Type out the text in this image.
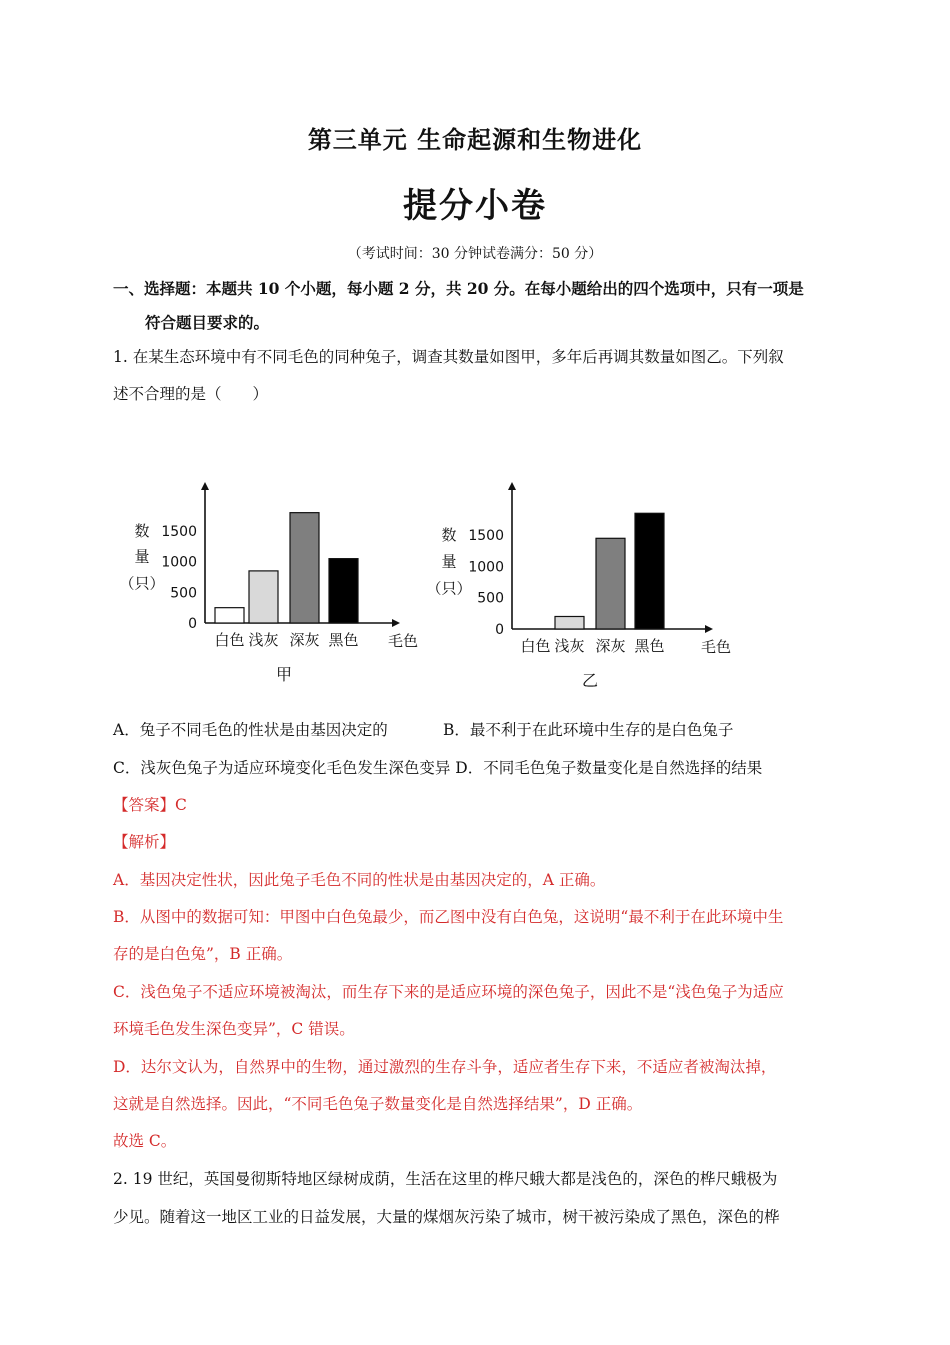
第三单元 生命起源和生物进化
提分小卷
（考试时间：30 分钟试卷满分：50 分）
一、选择题：本题共 10 个小题，每小题 2 分，共 20 分。在每小题给出的四个选项中，只有一项是
符合题目要求的。
1. 在某生态环境中有不同毛色的同种兔子，调查其数量如图甲，多年后再调其数量如图乙。下列叙
述不合理的是（　　）
0
500
1000
1500
数
量
（只）
白色 浅灰 深灰 黑色 毛色
甲
0
500
1000
1500
数
量
（只）
白色 浅灰 深灰 黑色 毛色
乙
A．兔子不同毛色的性状是由基因决定的	B．最不利于在此环境中生存的是白色兔子
C．浅灰色兔子为适应环境变化毛色发生深色变异 D．不同毛色兔子数量变化是自然选择的结果
【答案】C
【解析】
A．基因决定性状，因此兔子毛色不同的性状是由基因决定的，A 正确。
B．从图中的数据可知：甲图中白色兔最少，而乙图中没有白色兔，这说明“最不利于在此环境中生
存的是白色兔”，B 正确。
C．浅色兔子不适应环境被淘汰，而生存下来的是适应环境的深色兔子，因此不是“浅色兔子为适应
环境毛色发生深色变异”，C 错误。
D．达尔文认为，自然界中的生物，通过激烈的生存斗争，适应者生存下来，不适应者被淘汰掉，
这就是自然选择。因此，“不同毛色兔子数量变化是自然选择结果”，D 正确。
故选 C。
2. 19 世纪，英国曼彻斯特地区绿树成荫，生活在这里的桦尺蛾大都是浅色的，深色的桦尺蛾极为
少见。随着这一地区工业的日益发展，大量的煤烟灰污染了城市，树干被污染成了黑色，深色的桦
